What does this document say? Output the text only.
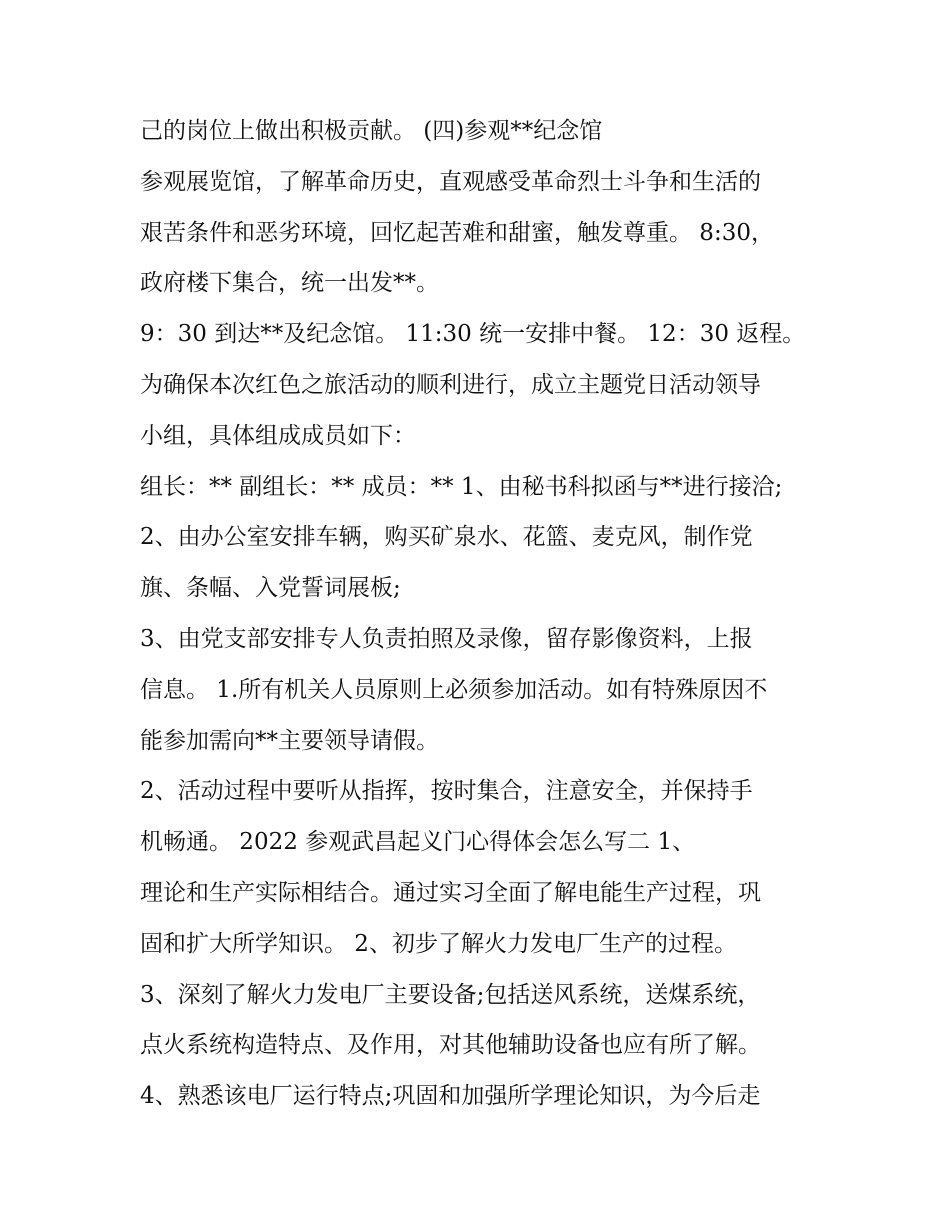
己的岗位上做出积极贡献。 (四)参观**纪念馆
参观展览馆，了解革命历史，直观感受革命烈士斗争和生活的
艰苦条件和恶劣环境，回忆起苦难和甜蜜，触发尊重。 8:30，
政府楼下集合，统一出发**。
9：30 到达**及纪念馆。 11:30 统一安排中餐。 12：30 返程。
为确保本次红色之旅活动的顺利进行，成立主题党日活动领导
小组，具体组成成员如下：
组长：** 副组长：** 成员：** 1、由秘书科拟函与**进行接洽;
2、由办公室安排车辆，购买矿泉水、花篮、麦克风，制作党
旗、条幅、入党誓词展板;
3、由党支部安排专人负责拍照及录像，留存影像资料，上报
信息。 1.所有机关人员原则上必须参加活动。如有特殊原因不
能参加需向**主要领导请假。
2、活动过程中要听从指挥，按时集合，注意安全，并保持手
机畅通。 2022 参观武昌起义门心得体会怎么写二 1、
理论和生产实际相结合。通过实习全面了解电能生产过程，巩
固和扩大所学知识。 2、初步了解火力发电厂生产的过程。
3、深刻了解火力发电厂主要设备;包括送风系统，送煤系统，
点火系统构造特点、及作用，对其他辅助设备也应有所了解。
4、熟悉该电厂运行特点;巩固和加强所学理论知识，为今后走
